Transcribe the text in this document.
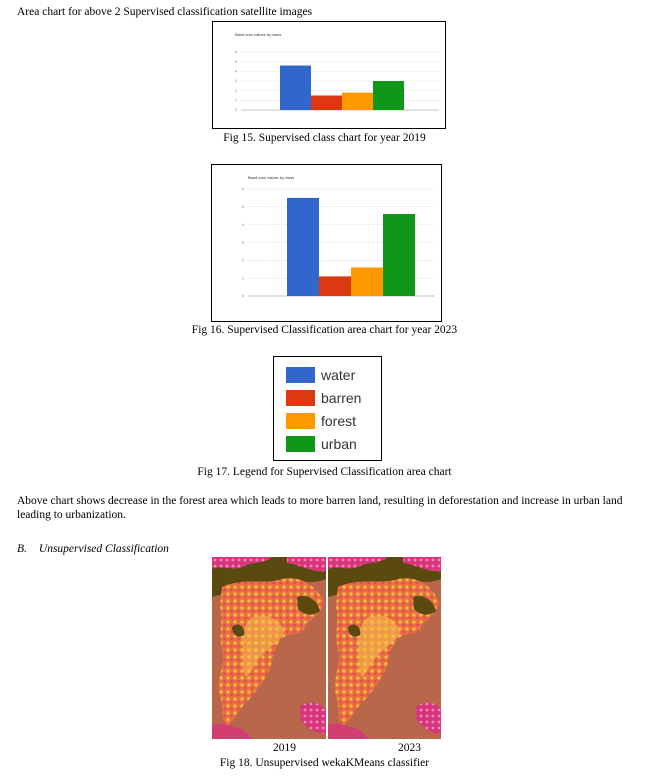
Area chart for above 2 Supervised classification satellite images
Band sum values by class
0
1
2
3
4
5
6
Fig 15. Supervised class chart for year 2019
Band sum values by class
0
1
2
3
4
5
6
Fig 16. Supervised Classification area chart for year 2023
water
barren
forest
urban
Fig 17. Legend for Supervised Classification area chart
Above chart shows decrease in the forest area which leads to more barren land, resulting in deforestation and increase in urban land leading to urbanization.
B. Unsupervised Classification
2019	2023
Fig 18. Unsupervised wekaKMeans classifier
